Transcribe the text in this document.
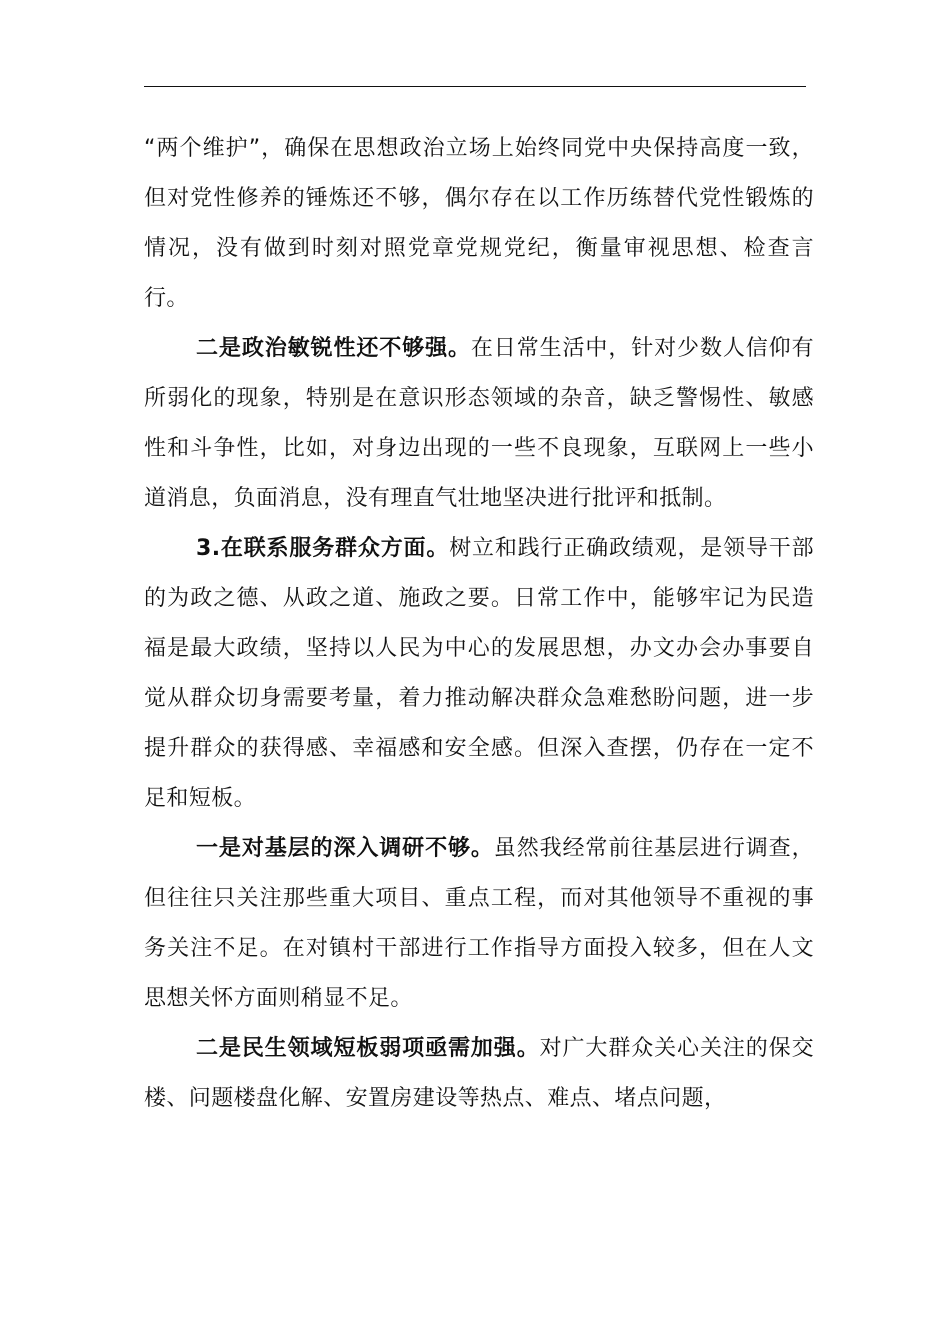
“两个维护”，确保在思想政治立场上始终同党中央保持高度一致，但对党性修养的锤炼还不够，偶尔存在以工作历练替代党性锻炼的情况，没有做到时刻对照党章党规党纪，衡量审视思想、检查言行。

二是政治敏锐性还不够强。在日常生活中，针对少数人信仰有所弱化的现象，特别是在意识形态领域的杂音，缺乏警惕性、敏感性和斗争性，比如，对身边出现的一些不良现象，互联网上一些小道消息，负面消息，没有理直气壮地坚决进行批评和抵制。

3.在联系服务群众方面。树立和践行正确政绩观，是领导干部的为政之德、从政之道、施政之要。日常工作中，能够牢记为民造福是最大政绩，坚持以人民为中心的发展思想，办文办会办事要自觉从群众切身需要考量，着力推动解决群众急难愁盼问题，进一步提升群众的获得感、幸福感和安全感。但深入查摆，仍存在一定不足和短板。

一是对基层的深入调研不够。虽然我经常前往基层进行调查，但往往只关注那些重大项目、重点工程，而对其他领导不重视的事务关注不足。在对镇村干部进行工作指导方面投入较多，但在人文思想关怀方面则稍显不足。

二是民生领域短板弱项亟需加强。对广大群众关心关注的保交楼、问题楼盘化解、安置房建设等热点、难点、堵点问题，
